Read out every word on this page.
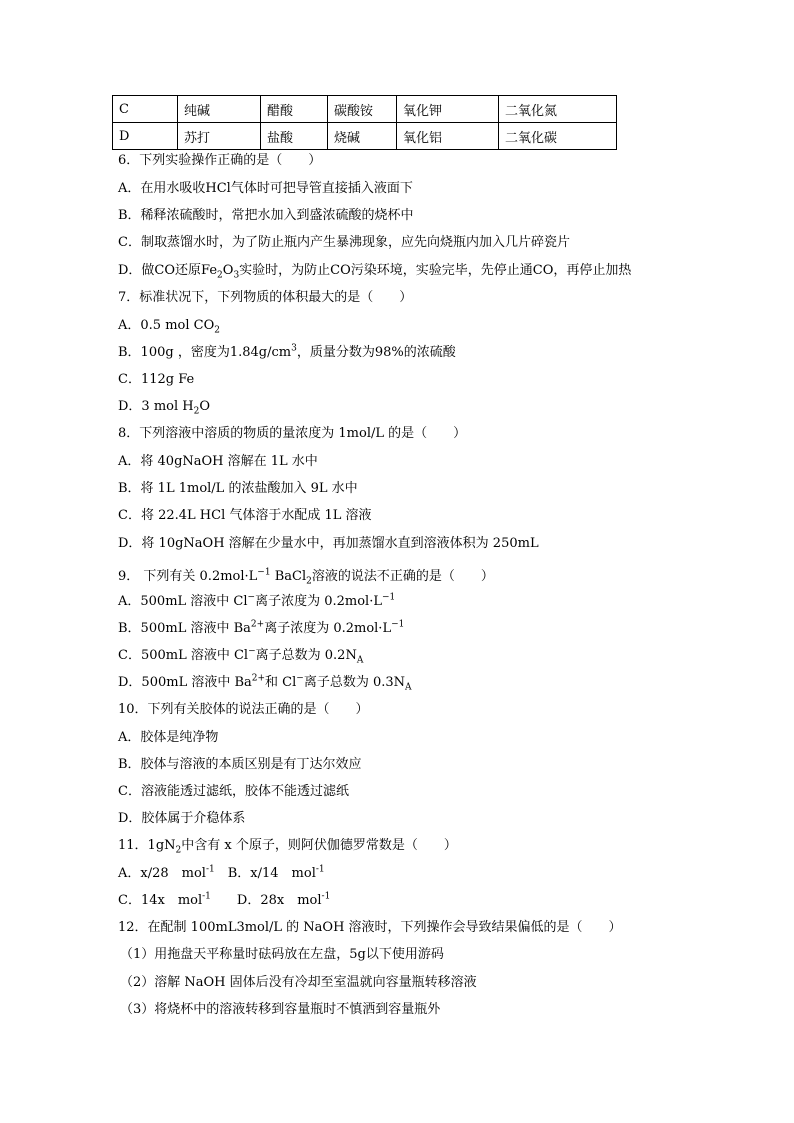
C	纯碱	醋酸	碳酸铵	氧化钾	二氧化氮
D	苏打	盐酸	烧碱	氧化铝	二氧化碳
6．下列实验操作正确的是（　　）
A．在用水吸收HCl气体时可把导管直接插入液面下
B．稀释浓硫酸时，常把水加入到盛浓硫酸的烧杯中
C．制取蒸馏水时，为了防止瓶内产生暴沸现象，应先向烧瓶内加入几片碎瓷片
D．做CO还原$Fe_2O_3$实验时，为防止CO污染环境，实验完毕，先停止通CO，再停止加热
7．标准状况下，下列物质的体积最大的是（　　）
A．0.5 mol $CO_2$
B．100g ，密度为$1.84g/cm^3$，质量分数为98%的浓硫酸
C．112g Fe
D．3 mol $H_2O$
8．下列溶液中溶质的物质的量浓度为 1mol/L 的是（　　）
A．将 40gNaOH 溶解在 1L 水中
B．将 1L 1mol/L 的浓盐酸加入 9L 水中
C．将 22.4L HCl 气体溶于水配成 1L 溶液
D．将 10gNaOH 溶解在少量水中，再加蒸馏水直到溶液体积为 250mL
9． 下列有关 $0.2mol\cdot L^{-1}$ BaCl$_2$溶液的说法不正确的是（　　）
A．500mL 溶液中 Cl−离子浓度为 $0.2mol\cdot L^{-1}$
B．500mL 溶液中 $Ba^{2+}$离子浓度为 $0.2mol\cdot L^{-1}$
C．500mL 溶液中 Cl−离子总数为 $0.2N_A$
D．500mL 溶液中 $Ba^{2+}$和 Cl−离子总数为 $0.3N_A$
10．下列有关胶体的说法正确的是（　　）
A．胶体是纯净物
B．胶体与溶液的本质区别是有丁达尔效应
C．溶液能透过滤纸，胶体不能透过滤纸
D．胶体属于介稳体系
11．$1gN_2$中含有 x 个原子，则阿伏伽德罗常数是（　　）
A．x/28　mol$^{-1}$　B．x/14　mol$^{-1}$
C．14x　mol$^{-1}$　　D．28x　mol$^{-1}$
12．在配制 100mL3mol/L 的 NaOH 溶液时，下列操作会导致结果偏低的是（　　）
（1）用拖盘天平称量时砝码放在左盘，5g以下使用游码
（2）溶解 NaOH 固体后没有冷却至室温就向容量瓶转移溶液
（3）将烧杯中的溶液转移到容量瓶时不慎洒到容量瓶外
